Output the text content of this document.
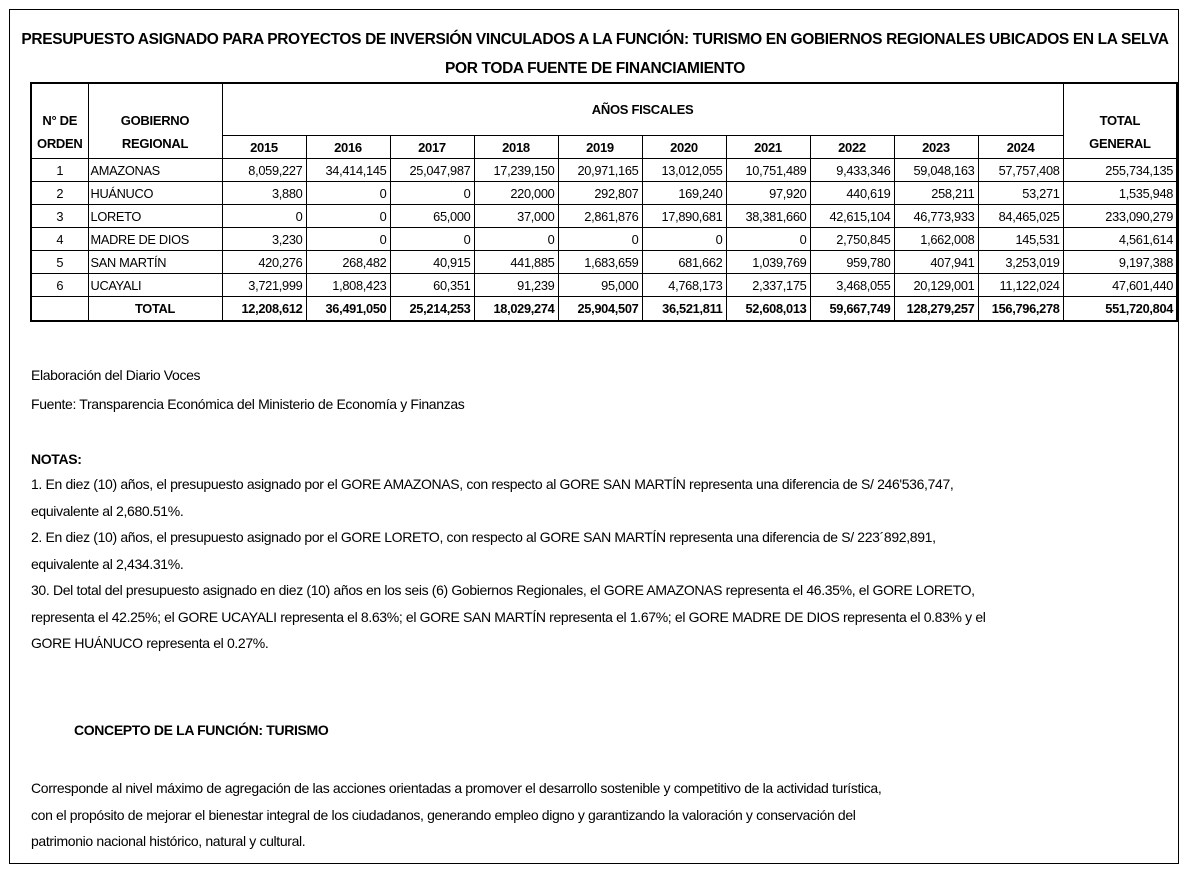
PRESUPUESTO ASIGNADO PARA PROYECTOS DE INVERSIÓN VINCULADOS A LA FUNCIÓN: TURISMO EN GOBIERNOS REGIONALES UBICADOS EN LA SELVA
POR TODA FUENTE DE FINANCIAMIENTO
N° DE
ORDEN	GOBIERNO
REGIONAL	AÑOS FISCALES										TOTAL
GENERAL
		2015	2016	2017	2018	2019	2020	2021	2022	2023	2024	
1	AMAZONAS	8,059,227	34,414,145	25,047,987	17,239,150	20,971,165	13,012,055	10,751,489	9,433,346	59,048,163	57,757,408	255,734,135
2	HUÁNUCO	3,880	0	0	220,000	292,807	169,240	97,920	440,619	258,211	53,271	1,535,948
3	LORETO	0	0	65,000	37,000	2,861,876	17,890,681	38,381,660	42,615,104	46,773,933	84,465,025	233,090,279
4	MADRE DE DIOS	3,230	0	0	0	0	0	0	2,750,845	1,662,008	145,531	4,561,614
5	SAN MARTÍN	420,276	268,482	40,915	441,885	1,683,659	681,662	1,039,769	959,780	407,941	3,253,019	9,197,388
6	UCAYALI	3,721,999	1,808,423	60,351	91,239	95,000	4,768,173	2,337,175	3,468,055	20,129,001	11,122,024	47,601,440
	TOTAL	12,208,612	36,491,050	25,214,253	18,029,274	25,904,507	36,521,811	52,608,013	59,667,749	128,279,257	156,796,278	551,720,804
Elaboración del Diario Voces
Fuente: Transparencia Económica del Ministerio de Economía y Finanzas
NOTAS:
1. En diez (10) años, el presupuesto asignado por el GORE AMAZONAS, con respecto al GORE SAN MARTÍN representa una diferencia de S/ 246'536,747,
equivalente al 2,680.51%.
2. En diez (10) años, el presupuesto asignado por el GORE LORETO, con respecto al GORE SAN MARTÍN representa una diferencia de S/ 223´892,891,
equivalente al 2,434.31%.
30. Del total del presupuesto asignado en diez (10) años en los seis (6) Gobiernos Regionales, el GORE AMAZONAS representa el 46.35%, el GORE LORETO,
representa el 42.25%; el GORE UCAYALI representa el 8.63%; el GORE SAN MARTÍN representa el 1.67%; el GORE MADRE DE DIOS representa el 0.83% y el
GORE HUÁNUCO representa el 0.27%.
CONCEPTO DE LA FUNCIÓN: TURISMO
Corresponde al nivel máximo de agregación de las acciones orientadas a promover el desarrollo sostenible y competitivo de la actividad turística,
con el propósito de mejorar el bienestar integral de los ciudadanos, generando empleo digno y garantizando la valoración y conservación del
patrimonio nacional histórico, natural y cultural.
